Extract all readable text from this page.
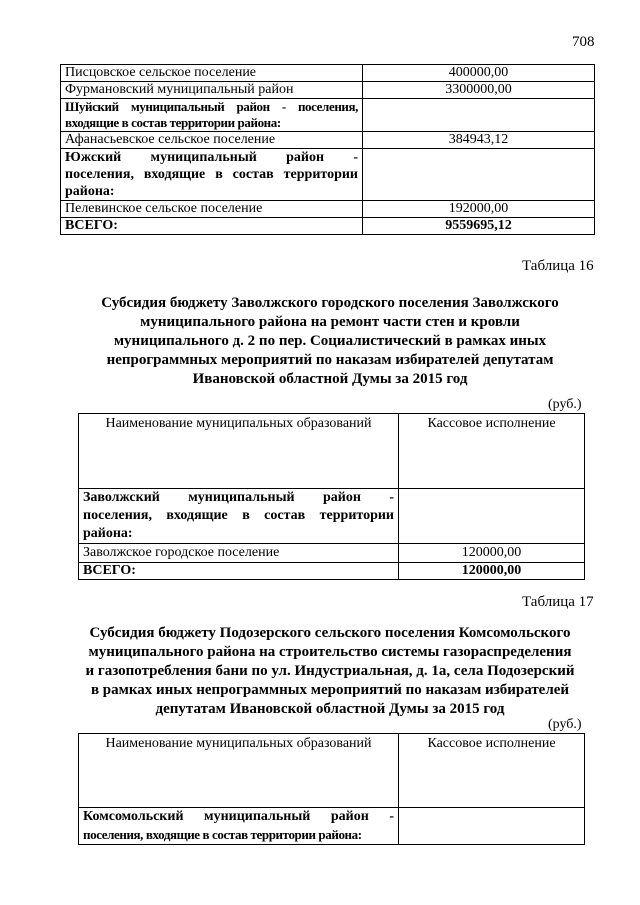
708
Писцовское сельское поселение	400000,00
Фурмановский муниципальный район	3300000,00

Шуйский муниципальный район - поселения,
входящие в состав территории района:	

Афанасьевское сельское поселение	384943,12

Южский муниципальный район -
поселения, входящие в состав территории
района:	

Пелевинское сельское поселение	192000,00
ВСЕГО:	9559695,12
Таблица 16
Субсидия бюджету Заволжского городского поселения Заволжского
муниципального района на ремонт части стен и кровли
муниципального д. 2 по пер. Социалистический в рамках иных
непрограммных мероприятий по наказам избирателей депутатам
Ивановской областной Думы за 2015 год
(руб.)
Наименование муниципальных образований	Кассовое исполнение

Заволжский муниципальный район -
поселения, входящие в состав территории
района:	

Заволжское городское поселение	120000,00
ВСЕГО:	120000,00
Таблица 17
Субсидия бюджету Подозерского сельского поселения Комсомольского
муниципального района на строительство системы газораспределения
и газопотребления бани по ул. Индустриальная, д. 1а, села Подозерский
в рамках иных непрограммных мероприятий по наказам избирателей
депутатам Ивановской областной Думы за 2015 год
(руб.)
Наименование муниципальных образований	Кассовое исполнение

Комсомольский муниципальный район -
поселения, входящие в состав территории района:	
